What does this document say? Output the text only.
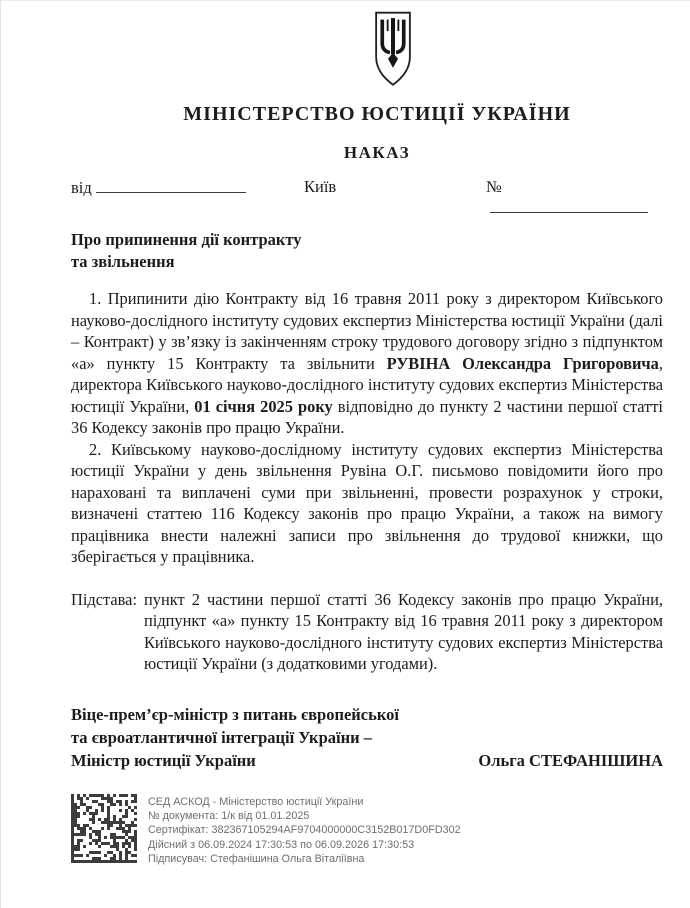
МІНІСТЕРСТВО ЮСТИЦІЇ УКРАЇНИ
НАКАЗ
від	Київ	№
Про припинення дії контракту
та звільнення

1. Припинити дію Контракту від 16 травня 2011 року з директором Київського науково-дослідного інституту судових експертиз Міністерства юстиції України (далі – Контракт) у зв’язку із закінченням строку трудового договору згідно з підпунктом «а» пункту 15 Контракту та звільнити РУВІНА Олександра Григоровича, директора Київського науково-дослідного інституту судових експертиз Міністерства юстиції України, 01 січня 2025 року відповідно до пункту 2 частини першої статті 36 Кодексу законів про працю України.

2. Київському науково-дослідному інституту судових експертиз Міністерства юстиції України у день звільнення Рувіна О.Г. письмово повідомити його про нараховані та виплачені суми при звільненні, провести розрахунок у строки, визначені статтею 116 Кодексу законів про працю України, а також на вимогу працівника внести належні записи про звільнення до трудової книжки, що зберігається у працівника.

Підстава: пункт 2 частини першої статті 36 Кодексу законів про працю України, підпункт «а» пункту 15 Контракту від 16 травня 2011 року з директором Київського науково-дослідного інституту судових експертиз Міністерства юстиції України (з додатковими угодами).
Віце-прем’єр-міністр з питань європейської
та євроатлантичної інтеграції України –
Міністр юстиції України	Ольга СТЕФАНІШИНА
СЕД АСКОД - Міністерство юстиції України
№ документа: 1/к від 01.01.2025
Сертифікат: 382367105294AF9704000000C3152B017D0FD302
Дійсний з 06.09.2024 17:30:53 по 06.09.2026 17:30:53
Підписувач: Стефанішина Ольга Віталіївна
